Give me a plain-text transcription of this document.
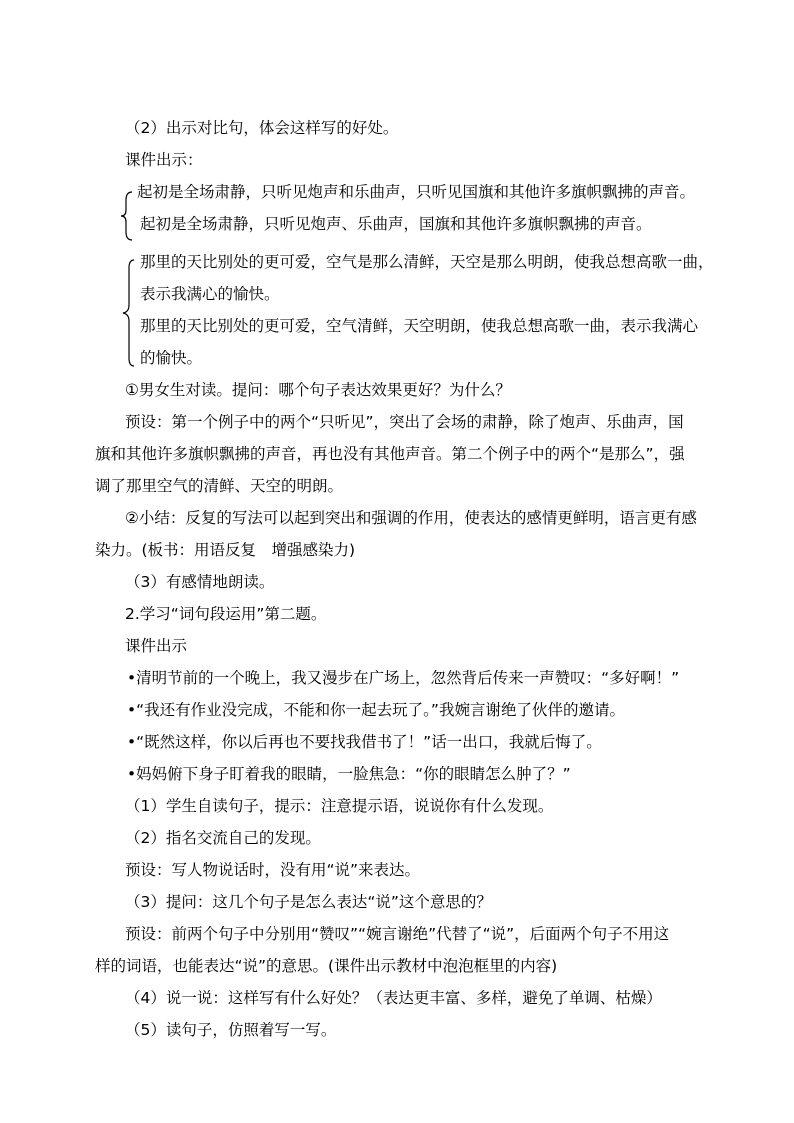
（2）出示对比句，体会这样写的好处。
课件出示：
起初是全场肃静，只听见炮声和乐曲声，只听见国旗和其他许多旗帜飘拂的声音。
起初是全场肃静，只听见炮声、乐曲声，国旗和其他许多旗帜飘拂的声音。
那里的天比别处的更可爱，空气是那么清鲜，天空是那么明朗，使我总想高歌一曲，
表示我满心的愉快。
那里的天比别处的更可爱，空气清鲜，天空明朗，使我总想高歌一曲，表示我满心
的愉快。
①男女生对读。提问：哪个句子表达效果更好？为什么？
预设：第一个例子中的两个“只听见”，突出了会场的肃静，除了炮声、乐曲声，国
旗和其他许多旗帜飘拂的声音，再也没有其他声音。第二个例子中的两个“是那么”，强
调了那里空气的清鲜、天空的明朗。
②小结：反复的写法可以起到突出和强调的作用，使表达的感情更鲜明，语言更有感
染力。(板书：用语反复　增强感染力)
（3）有感情地朗读。
2.学习“词句段运用”第二题。
课件出示
•清明节前的一个晚上，我又漫步在广场上，忽然背后传来一声赞叹：“多好啊！”
•“我还有作业没完成，不能和你一起去玩了。”我婉言谢绝了伙伴的邀请。
•“既然这样，你以后再也不要找我借书了！”话一出口，我就后悔了。
•妈妈俯下身子盯着我的眼睛，一脸焦急：“你的眼睛怎么肿了？”
（1）学生自读句子，提示：注意提示语，说说你有什么发现。
（2）指名交流自己的发现。
预设：写人物说话时，没有用“说”来表达。
（3）提问：这几个句子是怎么表达“说”这个意思的？
预设：前两个句子中分别用“赞叹”“婉言谢绝”代替了“说”，后面两个句子不用这
样的词语，也能表达“说”的意思。(课件出示教材中泡泡框里的内容)
（4）说一说：这样写有什么好处？（表达更丰富、多样，避免了单调、枯燥）
（5）读句子，仿照着写一写。
